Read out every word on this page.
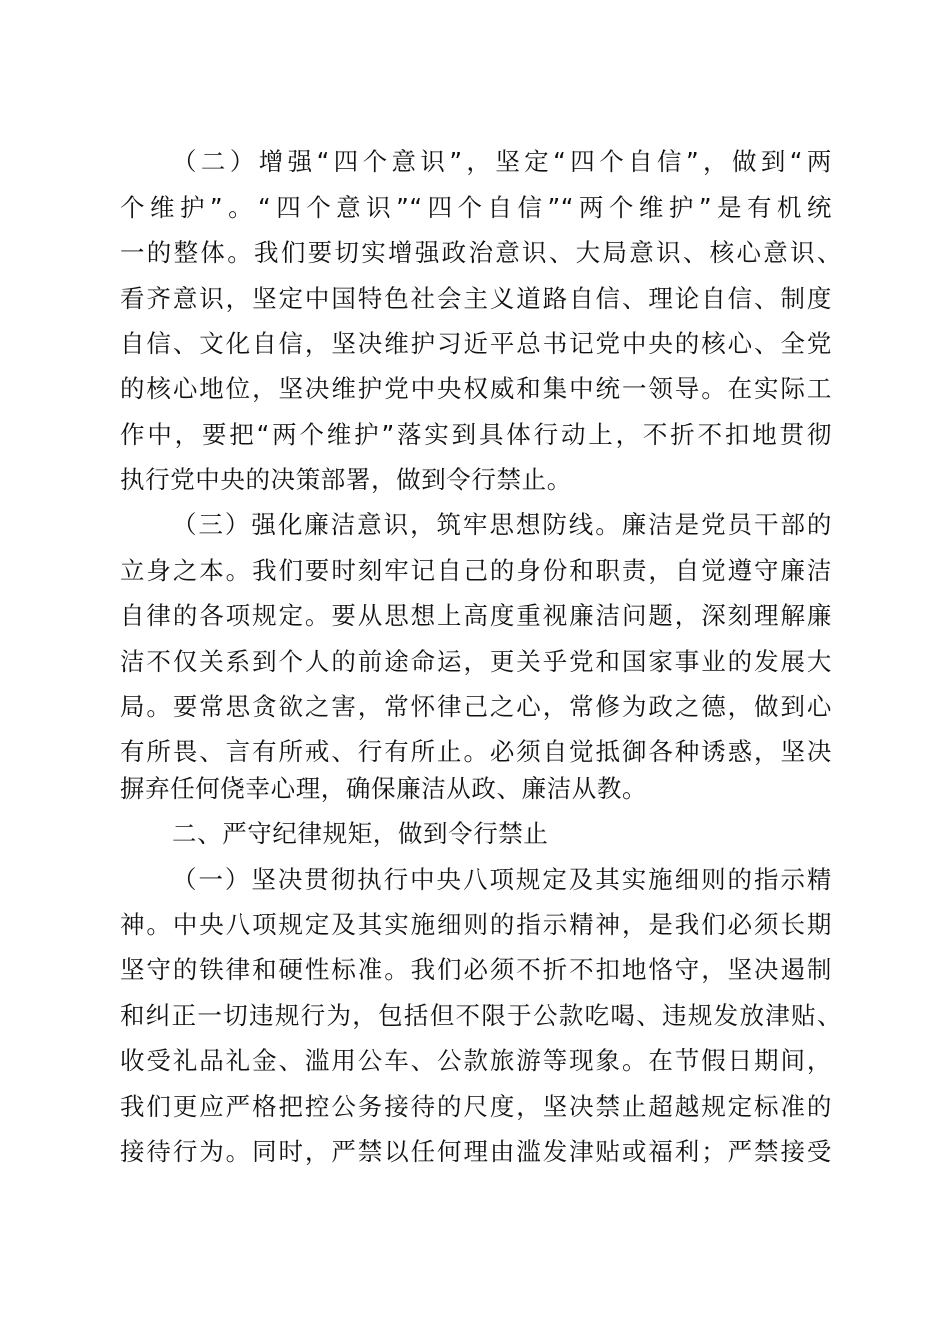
（二）增强“四个意识”，坚定“四个自信”，做到“两
个维护”。“四个意识”“四个自信”“两个维护”是有机统
一的整体。我们要切实增强政治意识、大局意识、核心意识、
看齐意识，坚定中国特色社会主义道路自信、理论自信、制度
自信、文化自信，坚决维护习近平总书记党中央的核心、全党
的核心地位，坚决维护党中央权威和集中统一领导。在实际工
作中，要把“两个维护”落实到具体行动上，不折不扣地贯彻
执行党中央的决策部署，做到令行禁止。
（三）强化廉洁意识，筑牢思想防线。廉洁是党员干部的
立身之本。我们要时刻牢记自己的身份和职责，自觉遵守廉洁
自律的各项规定。要从思想上高度重视廉洁问题，深刻理解廉
洁不仅关系到个人的前途命运，更关乎党和国家事业的发展大
局。要常思贪欲之害，常怀律己之心，常修为政之德，做到心
有所畏、言有所戒、行有所止。必须自觉抵御各种诱惑，坚决
摒弃任何侥幸心理，确保廉洁从政、廉洁从教。
二、严守纪律规矩，做到令行禁止
（一）坚决贯彻执行中央八项规定及其实施细则的指示精
神。中央八项规定及其实施细则的指示精神，是我们必须长期
坚守的铁律和硬性标准。我们必须不折不扣地恪守，坚决遏制
和纠正一切违规行为，包括但不限于公款吃喝、违规发放津贴、
收受礼品礼金、滥用公车、公款旅游等现象。在节假日期间，
我们更应严格把控公务接待的尺度，坚决禁止超越规定标准的
接待行为。同时，严禁以任何理由滥发津贴或福利；严禁接受
